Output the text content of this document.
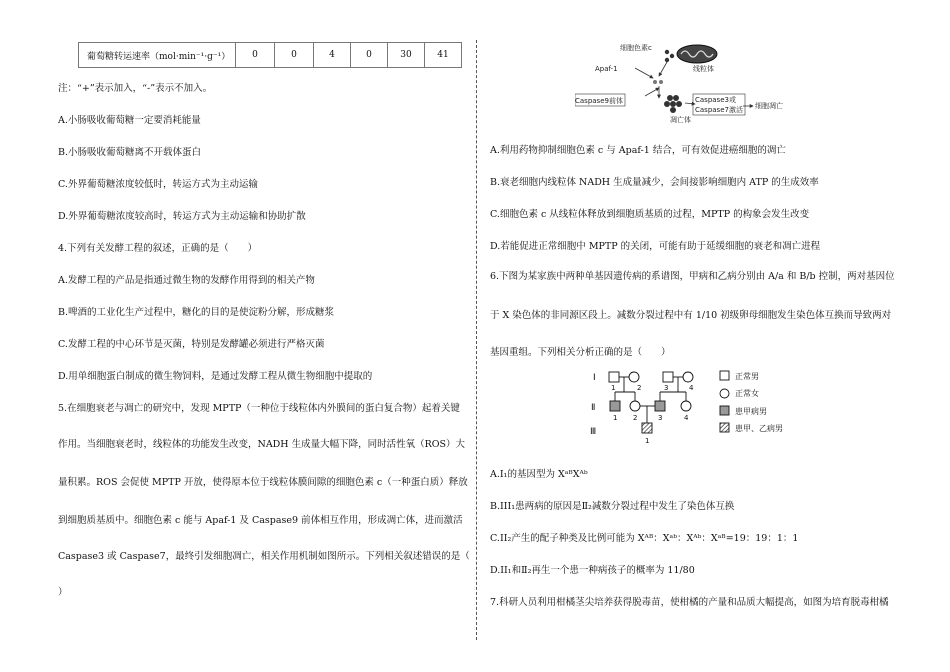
葡萄糖转运速率（mol·min⁻¹·g⁻¹）	0	0	4	0	30	41
注：“+”表示加入，“-”表示不加入。
A.小肠吸收葡萄糖一定要消耗能量
B.小肠吸收葡萄糖离不开载体蛋白
C.外界葡萄糖浓度较低时，转运方式为主动运输
D.外界葡萄糖浓度较高时，转运方式为主动运输和协助扩散
4.下列有关发酵工程的叙述，正确的是（　　）
A.发酵工程的产品是指通过微生物的发酵作用得到的相关产物
B.啤酒的工业化生产过程中，糖化的目的是使淀粉分解，形成糖浆
C.发酵工程的中心环节是灭菌，特别是发酵罐必须进行严格灭菌
D.用单细胞蛋白制成的微生物饲料，是通过发酵工程从微生物细胞中提取的
5.在细胞衰老与凋亡的研究中，发现 MPTP（一种位于线粒体内外膜间的蛋白复合物）起着关键
作用。当细胞衰老时，线粒体的功能发生改变，NADH 生成量大幅下降，同时活性氧（ROS）大
量积累。ROS 会促使 MPTP 开放，使得原本位于线粒体膜间隙的细胞色素 c（一种蛋白质）释放
到细胞质基质中。细胞色素 c 能与 Apaf-1 及 Caspase9 前体相互作用，形成凋亡体，进而激活
Caspase3 或 Caspase7，最终引发细胞凋亡，相关作用机制如图所示。下列相关叙述错误的是（
）
细胞色素c
线粒体
Apaf-1
Caspase9前体
凋亡体
Caspase3或
Caspase7激活 细胞凋亡
A.利用药物抑制细胞色素 c 与 Apaf-1 结合，可有效促进癌细胞的凋亡
B.衰老细胞内线粒体 NADH 生成量减少，会间接影响细胞内 ATP 的生成效率
C.细胞色素 c 从线粒体释放到细胞质基质的过程，MPTP 的构象会发生改变
D.若能促进正常细胞中 MPTP 的关闭，可能有助于延缓细胞的衰老和凋亡进程
6.下图为某家族中两种单基因遗传病的系谱图，甲病和乙病分别由 A/a 和 B/b 控制，两对基因位
于 X 染色体的非同源区段上。减数分裂过程中有 1/10 初级卵母细胞发生染色体互换而导致两对
基因重组。下列相关分析正确的是（　　）
Ⅰ
Ⅱ
Ⅲ
1	2	3	4
1 2	3	4
1
正常男
正常女
患甲病男
患甲、乙病男
A.I₁的基因型为 XᵃᴮXᴬᵇ
B.III₁患两病的原因是Ⅱ₂减数分裂过程中发生了染色体互换
C.II₂产生的配子种类及比例可能为 Xᴬᴮ：Xᵃᵇ：Xᴬᵇ：Xᵃᴮ=19：19：1：1
D.II₁和Ⅱ₂再生一个患一种病孩子的概率为 11/80
7.科研人员利用柑橘茎尖培养获得脱毒苗，使柑橘的产量和品质大幅提高，如图为培育脱毒柑橘
